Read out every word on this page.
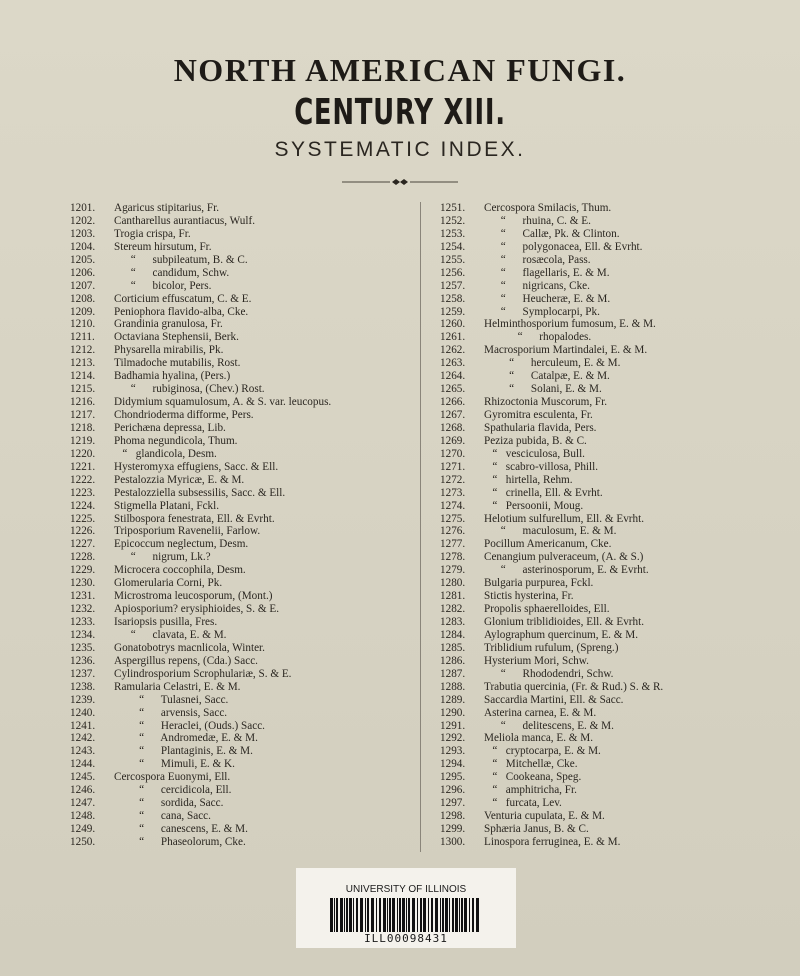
NORTH AMERICAN FUNGI.
CENTURY XIII.
SYSTEMATIC INDEX.
1201. Agaricus stipitarius, Fr.
1202. Cantharellus aurantiacus, Wulf.
1203. Trogia crispa, Fr.
1204. Stereum hirsutum, Fr.
1205.      “      subpileatum, B. & C.
1206.      “      candidum, Schw.
1207.      “      bicolor, Pers.
1208. Corticium effuscatum, C. & E.
1209. Peniophora flavido-alba, Cke.
1210. Grandinia granulosa, Fr.
1211. Octaviana Stephensii, Berk.
1212. Physarella mirabilis, Pk.
1213. Tilmadoche mutabilis, Rost.
1214. Badhamia hyalina, (Pers.)
1215.      “      rubiginosa, (Chev.) Rost.
1216. Didymium squamulosum, A. & S. var. leucopus.
1217. Chondrioderma difforme, Pers.
1218. Perichæna depressa, Lib.
1219. Phoma negundicola, Thum.
1220.   “   glandicola, Desm.
1221. Hysteromyxa effugiens, Sacc. & Ell.
1222. Pestalozzia Myricæ, E. & M.
1223. Pestalozziella subsessilis, Sacc. & Ell.
1224. Stigmella Platani, Fckl.
1225. Stilbospora fenestrata, Ell. & Evrht.
1226. Triposporium Ravenelii, Farlow.
1227. Epicoccum neglectum, Desm.
1228.      “      nigrum, Lk.?
1229. Microcera coccophila, Desm.
1230. Glomerularia Corni, Pk.
1231. Microstroma leucosporum, (Mont.)
1232. Apiosporium? erysiphioides, S. & E.
1233. Isariopsis pusilla, Fres.
1234.      “      clavata, E. & M.
1235. Gonatobotrys macnlicola, Winter.
1236. Aspergillus repens, (Cda.) Sacc.
1237. Cylindrosporium Scrophulariæ, S. & E.
1238. Ramularia Celastri, E. & M.
1239.         “      Tulasnei, Sacc.
1240.         “      arvensis, Sacc.
1241.         “      Heraclei, (Ouds.) Sacc.
1242.         “      Andromedæ, E. & M.
1243.         “      Plantaginis, E. & M.
1244.         “      Mimuli, E. & K.
1245. Cercospora Euonymi, Ell.
1246.         “      cercidicola, Ell.
1247.         “      sordida, Sacc.
1248.         “      cana, Sacc.
1249.         “      canescens, E. & M.
1250.         “      Phaseolorum, Cke.
1251. Cercospora Smilacis, Thum.
1252.      “      rhuina, C. & E.
1253.      “      Callæ, Pk. & Clinton.
1254.      “      polygonacea, Ell. & Evrht.
1255.      “      rosæcola, Pass.
1256.      “      flagellaris, E. & M.
1257.      “      nigricans, Cke.
1258.      “      Heucheræ, E. & M.
1259.      “      Symplocarpi, Pk.
1260. Helminthosporium fumosum, E. & M.
1261.            “      rhopalodes.
1262. Macrosporium Martindalei, E. & M.
1263.         “      herculeum, E. & M.
1264.         “      Catalpæ, E. & M.
1265.         “      Solani, E. & M.
1266. Rhizoctonia Muscorum, Fr.
1267. Gyromitra esculenta, Fr.
1268. Spathularia flavida, Pers.
1269. Peziza pubida, B. & C.
1270.   “   vesciculosa, Bull.
1271.   “   scabro-villosa, Phill.
1272.   “   hirtella, Rehm.
1273.   “   crinella, Ell. & Evrht.
1274.   “   Persoonii, Moug.
1275. Helotium sulfurellum, Ell. & Evrht.
1276.      “      maculosum, E. & M.
1277. Pocillum Americanum, Cke.
1278. Cenangium pulveraceum, (A. & S.)
1279.      “      asterinosporum, E. & Evrht.
1280. Bulgaria purpurea, Fckl.
1281. Stictis hysterina, Fr.
1282. Propolis sphaerelloides, Ell.
1283. Glonium triblidioides, Ell. & Evrht.
1284. Aylographum quercinum, E. & M.
1285. Triblidium rufulum, (Spreng.)
1286. Hysterium Mori, Schw.
1287.      “      Rhododendri, Schw.
1288. Trabutia quercinia, (Fr. & Rud.) S. & R.
1289. Saccardia Martini, Ell. & Sacc.
1290. Asterina carnea, E. & M.
1291.      “      delitescens, E. & M.
1292. Meliola manca, E. & M.
1293.   “   cryptocarpa, E. & M.
1294.   “   Mitchellæ, Cke.
1295.   “   Cookeana, Speg.
1296.   “   amphitricha, Fr.
1297.   “   furcata, Lev.
1298. Venturia cupulata, E. & M.
1299. Sphæria Janus, B. & C.
1300. Linospora ferruginea, E. & M.
UNIVERSITY OF ILLINOIS
ILL00098431
